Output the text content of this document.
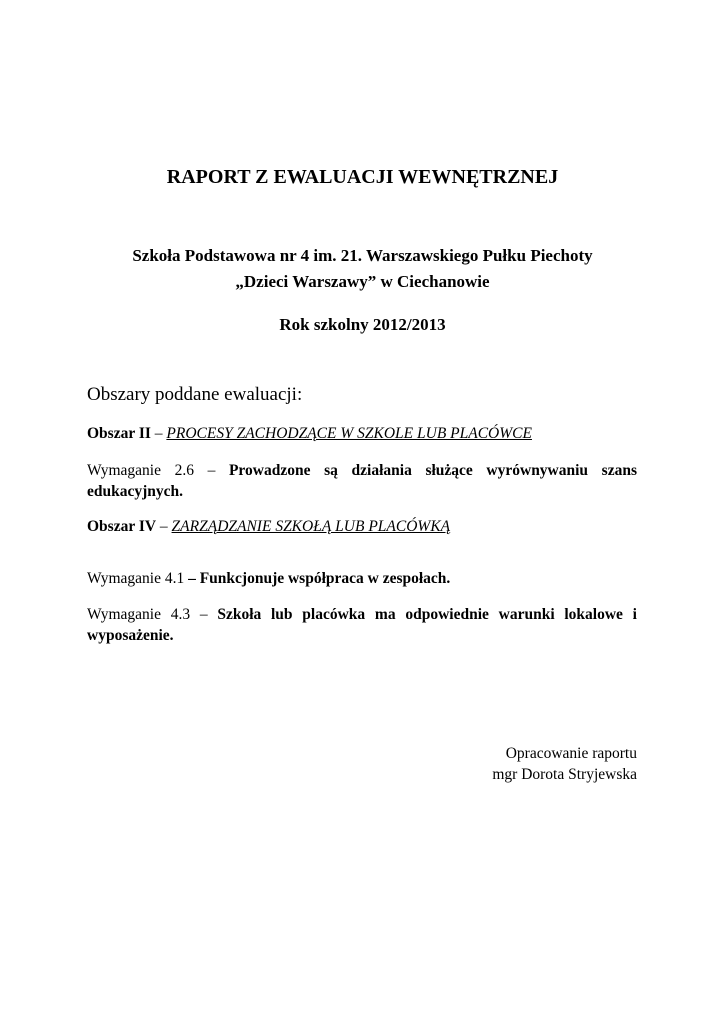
RAPORT Z EWALUACJI WEWNĘTRZNEJ
Szkoła Podstawowa nr 4 im. 21. Warszawskiego Pułku Piechoty
„Dzieci Warszawy” w Ciechanowie
Rok szkolny 2012/2013
Obszary poddane ewaluacji:
Obszar II – PROCESY ZACHODZĄCE W SZKOLE LUB PLACÓWCE
Wymaganie 2.6 – Prowadzone są działania służące wyrównywaniu szans edukacyjnych.
Obszar IV – ZARZĄDZANIE SZKOŁĄ LUB PLACÓWKĄ
Wymaganie 4.1 – Funkcjonuje współpraca w zespołach.
Wymaganie 4.3 – Szkoła lub placówka ma odpowiednie warunki lokalowe i wyposażenie.
Opracowanie raportu
mgr Dorota Stryjewska
